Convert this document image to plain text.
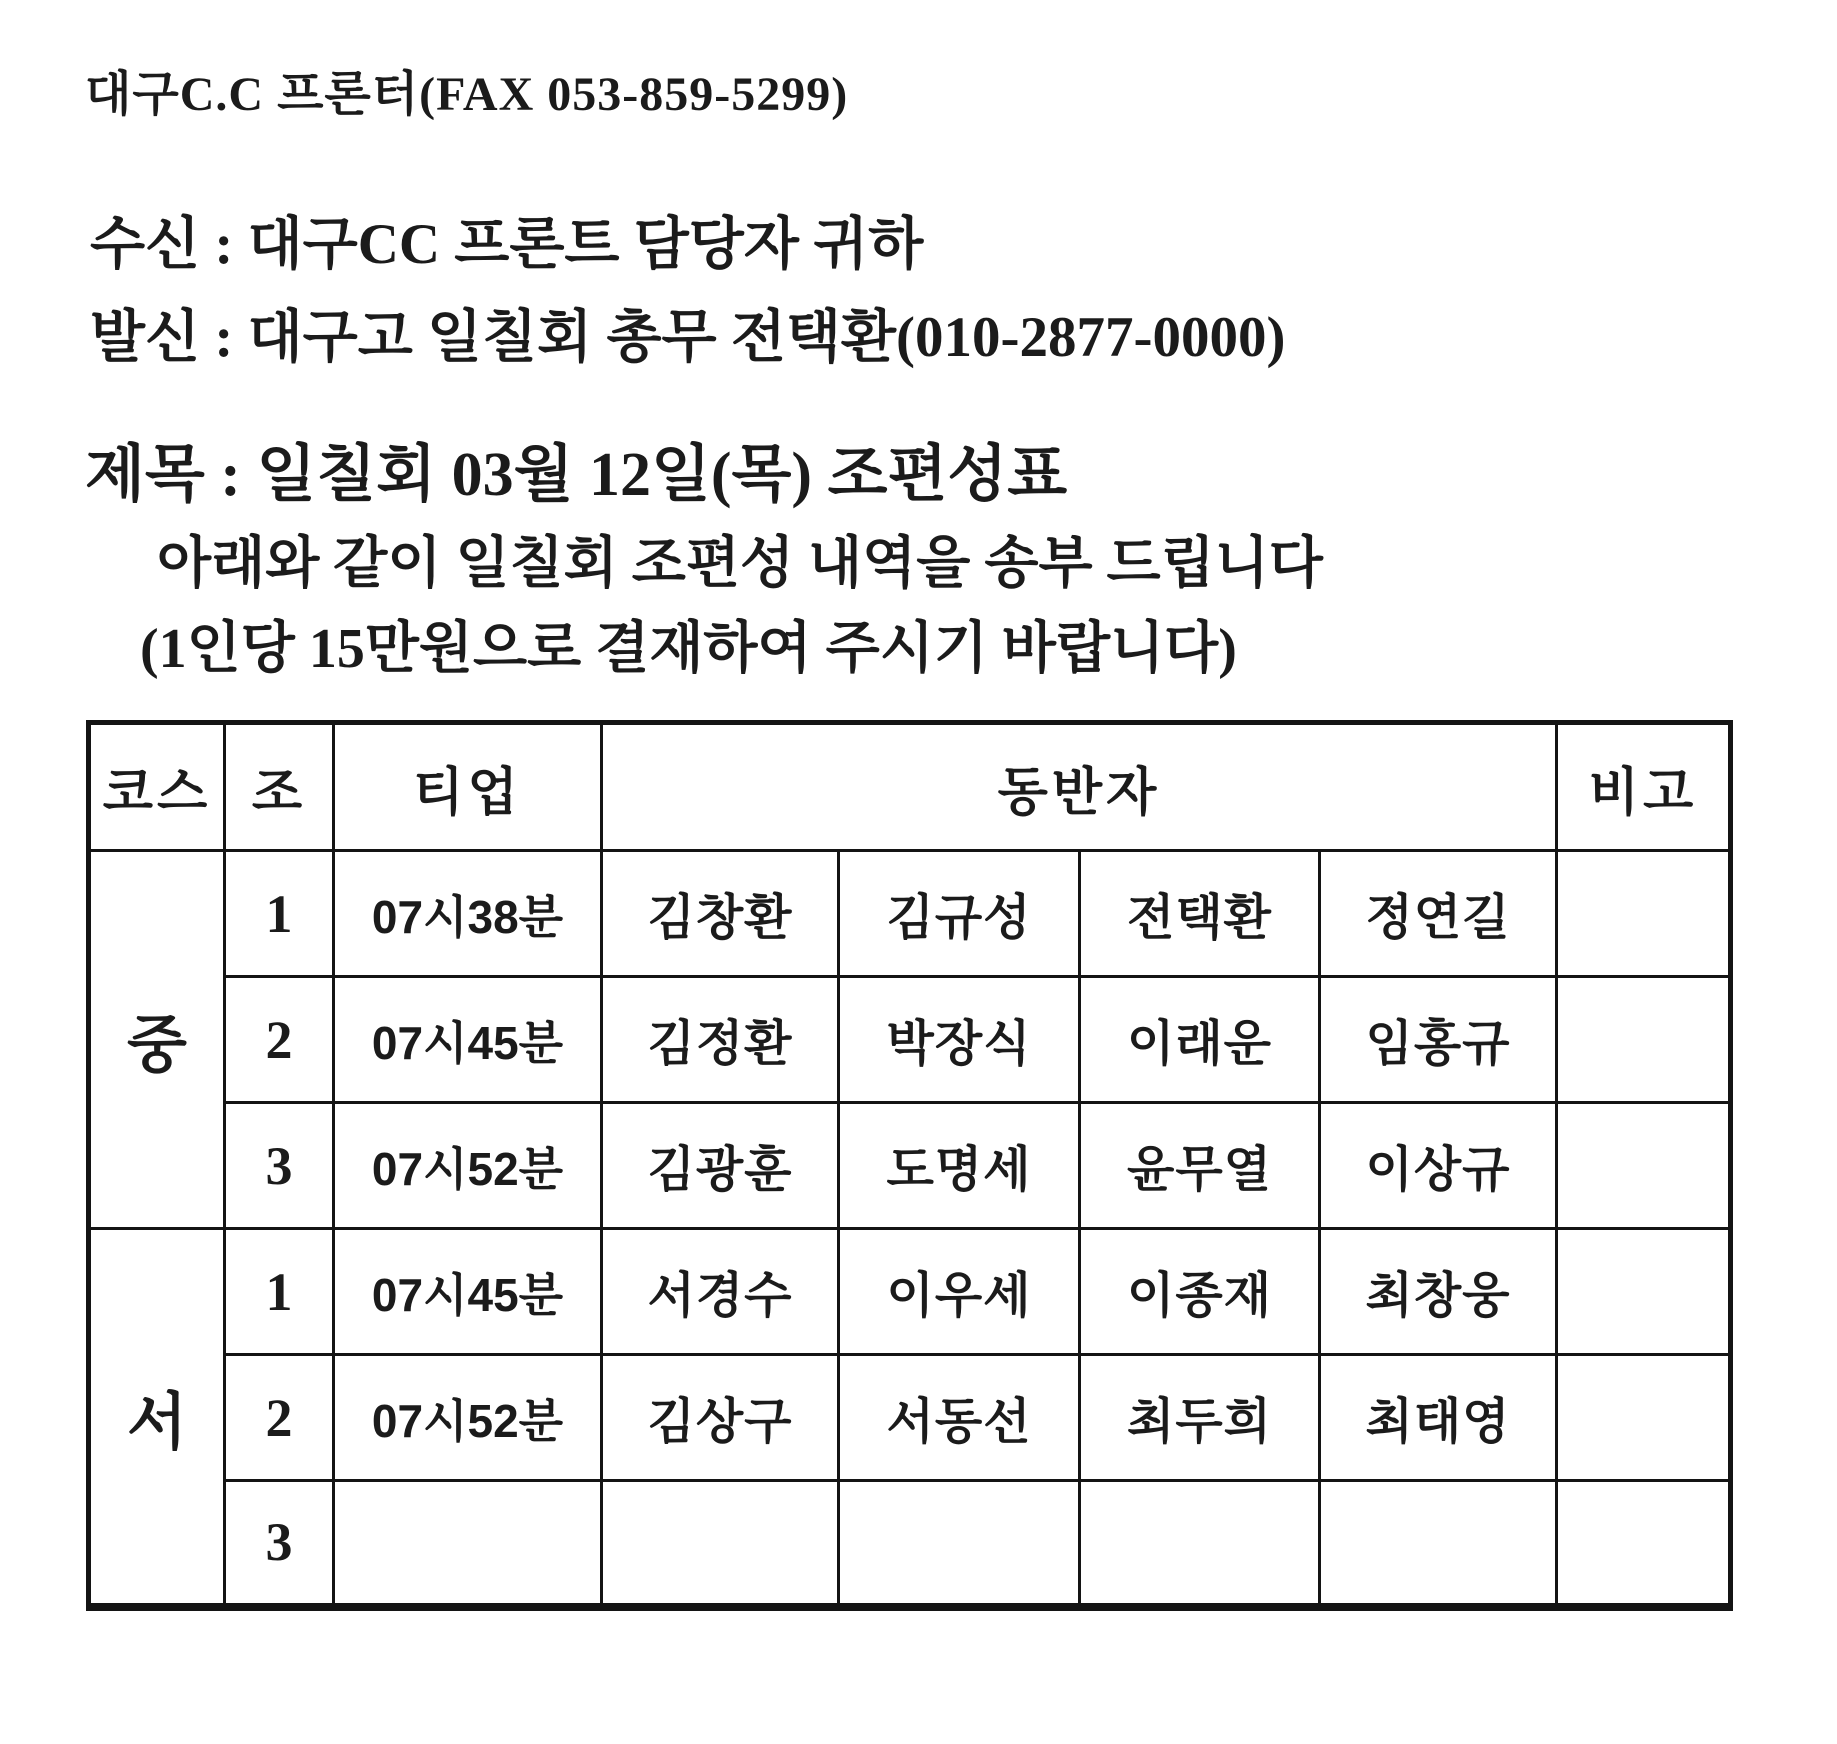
대구C.C 프론터(FAX 053-859-5299)
수신 : 대구CC 프론트 담당자 귀하
발신 : 대구고 일칠회 총무 전택환(010-2877-0000)
제목 : 일칠회 03월 12일(목) 조편성표
아래와 같이 일칠회 조편성 내역을 송부 드립니다
(1인당 15만원으로 결재하여 주시기 바랍니다)
코스	조	티업	동반자				비고
중	1	07시38분	김창환	김규성	전택환	정연길	
	2	07시45분	김정환	박장식	이래운	임홍규	
	3	07시52분	김광훈	도명세	윤무열	이상규	
서	1	07시45분	서경수	이우세	이종재	최창웅	
	2	07시52분	김상구	서동선	최두희	최태영	
	3						
